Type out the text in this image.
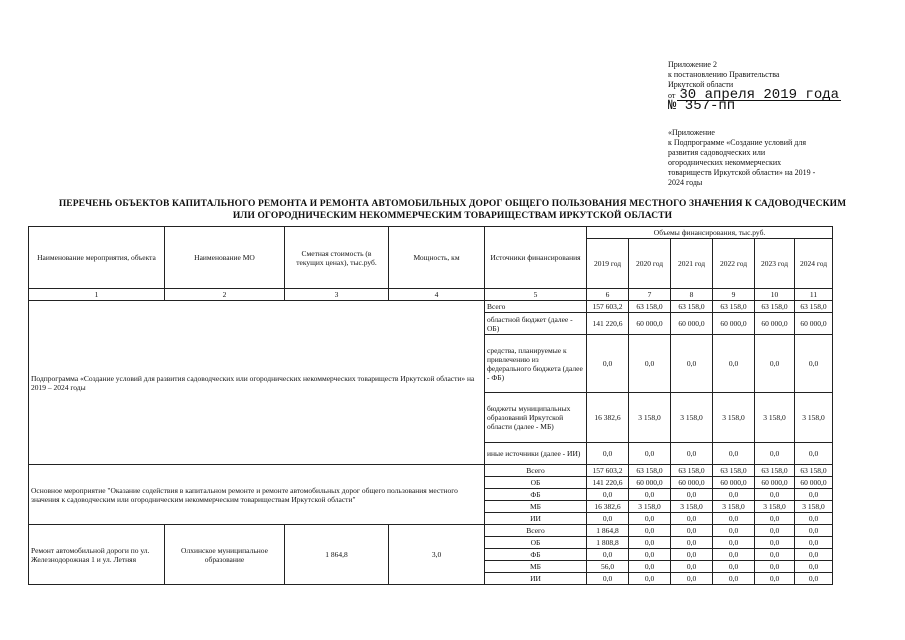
Приложение 2
к постановлению Правительства
Иркутской области
от 30 апреля 2019 года
№ 357-пп
«Приложение
к Подпрограмме «Создание условий для
развития садоводческих или
огороднических некоммерческих
товариществ Иркутской области» на 2019 -
2024 годы
ПЕРЕЧЕНЬ ОБЪЕКТОВ КАПИТАЛЬНОГО РЕМОНТА И РЕМОНТА АВТОМОБИЛЬНЫХ ДОРОГ ОБЩЕГО ПОЛЬЗОВАНИЯ МЕСТНОГО ЗНАЧЕНИЯ К САДОВОДЧЕСКИМ
ИЛИ ОГОРОДНИЧЕСКИМ НЕКОММЕРЧЕСКИМ ТОВАРИЩЕСТВАМ ИРКУТСКОЙ ОБЛАСТИ
Наименование мероприятия, объекта	Наименование МО	Сметная стоимость (в текущих ценах), тыс.руб.	Мощность, км	Источники финансирования	Объемы финансирования, тыс.руб.					
					2019 год	2020 год	2021 год	2022 год	2023 год	2024 год
1	2	3	4	5	6	7	8	9	10	11
Подпрограмма «Создание условий для развития садоводческих или огороднических некоммерческих товариществ Иркутской области» на 2019 – 2024 годы				Всего	157 603,2	63 158,0	63 158,0	63 158,0	63 158,0	63 158,0
				областной бюджет (далее - ОБ)	141 220,6	60 000,0	60 000,0	60 000,0	60 000,0	60 000,0
				средства, планируемые к привлечению из федерального бюджета (далее - ФБ)	0,0	0,0	0,0	0,0	0,0	0,0
				бюджеты муниципальных образований Иркутской области (далее - МБ)	16 382,6	3 158,0	3 158,0	3 158,0	3 158,0	3 158,0
				иные источники (далее - ИИ)	0,0	0,0	0,0	0,0	0,0	0,0
Основное мероприятие "Оказание содействия в капитальном ремонте и ремонте автомобильных дорог общего пользования местного значения к садоводческим или огородническим некоммерческим товариществам Иркутской области"				Всего	157 603,2	63 158,0	63 158,0	63 158,0	63 158,0	63 158,0
				ОБ	141 220,6	60 000,0	60 000,0	60 000,0	60 000,0	60 000,0
				ФБ	0,0	0,0	0,0	0,0	0,0	0,0
				МБ	16 382,6	3 158,0	3 158,0	3 158,0	3 158,0	3 158,0
				ИИ	0,0	0,0	0,0	0,0	0,0	0,0
Ремонт автомобильной дороги по ул. Железнодорожная 1 и ул. Летняя	Олхинское муниципальное образование	1 864,8	3,0	Всего	1 864,8	0,0	0,0	0,0	0,0	0,0
				ОБ	1 808,8	0,0	0,0	0,0	0,0	0,0
				ФБ	0,0	0,0	0,0	0,0	0,0	0,0
				МБ	56,0	0,0	0,0	0,0	0,0	0,0
				ИИ	0,0	0,0	0,0	0,0	0,0	0,0
